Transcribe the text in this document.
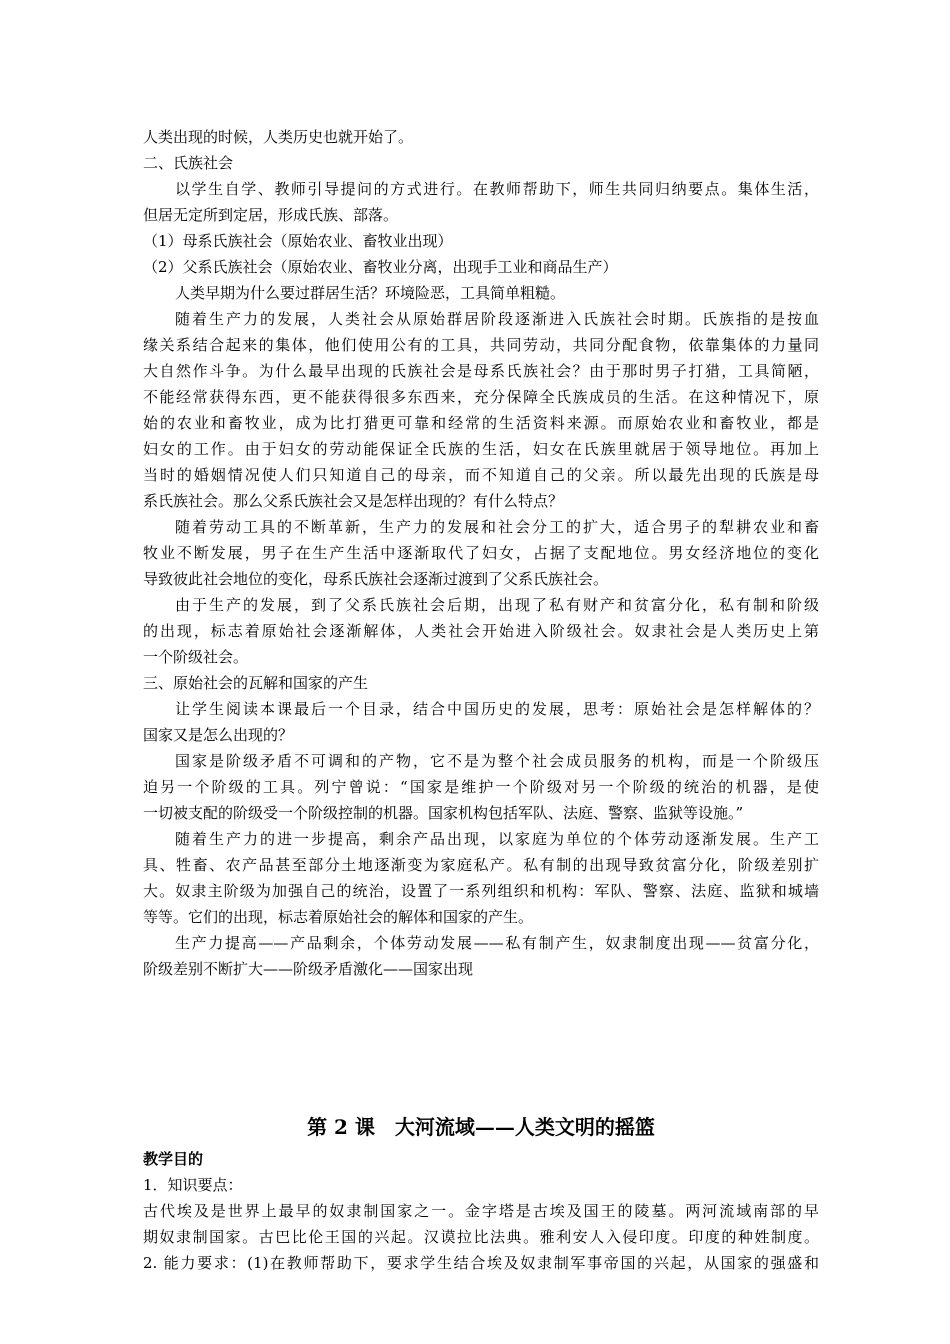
人类出现的时候，人类历史也就开始了。
二、氏族社会
以学生自学、教师引导提问的方式进行。在教师帮助下，师生共同归纳要点。集体生活，
但居无定所到定居，形成氏族、部落。
（1）母系氏族社会（原始农业、畜牧业出现）
（2）父系氏族社会（原始农业、畜牧业分离，出现手工业和商品生产）
人类早期为什么要过群居生活？环境险恶，工具简单粗糙。
随着生产力的发展，人类社会从原始群居阶段逐渐进入氏族社会时期。氏族指的是按血
缘关系结合起来的集体，他们使用公有的工具，共同劳动，共同分配食物，依靠集体的力量同
大自然作斗争。为什么最早出现的氏族社会是母系氏族社会？由于那时男子打猎，工具简陋，
不能经常获得东西，更不能获得很多东西来，充分保障全氏族成员的生活。在这种情况下，原
始的农业和畜牧业，成为比打猎更可靠和经常的生活资料来源。而原始农业和畜牧业，都是
妇女的工作。由于妇女的劳动能保证全氏族的生活，妇女在氏族里就居于领导地位。再加上
当时的婚姻情况使人们只知道自己的母亲，而不知道自己的父亲。所以最先出现的氏族是母
系氏族社会。那么父系氏族社会又是怎样出现的？有什么特点？
随着劳动工具的不断革新，生产力的发展和社会分工的扩大，适合男子的犁耕农业和畜
牧业不断发展，男子在生产生活中逐渐取代了妇女，占据了支配地位。男女经济地位的变化
导致彼此社会地位的变化，母系氏族社会逐渐过渡到了父系氏族社会。
由于生产的发展，到了父系氏族社会后期，出现了私有财产和贫富分化，私有制和阶级
的出现，标志着原始社会逐渐解体，人类社会开始进入阶级社会。奴隶社会是人类历史上第
一个阶级社会。
三、原始社会的瓦解和国家的产生
让学生阅读本课最后一个目录，结合中国历史的发展，思考：原始社会是怎样解体的？
国家又是怎么出现的？
国家是阶级矛盾不可调和的产物，它不是为整个社会成员服务的机构，而是一个阶级压
迫另一个阶级的工具。列宁曾说：“国家是维护一个阶级对另一个阶级的统治的机器，是使
一切被支配的阶级受一个阶级控制的机器。国家机构包括军队、法庭、警察、监狱等设施。”
随着生产力的进一步提高，剩余产品出现，以家庭为单位的个体劳动逐渐发展。生产工
具、牲畜、农产品甚至部分土地逐渐变为家庭私产。私有制的出现导致贫富分化，阶级差别扩
大。奴隶主阶级为加强自己的统治，设置了一系列组织和机构：军队、警察、法庭、监狱和城墙
等等。它们的出现，标志着原始社会的解体和国家的产生。
生产力提高——产品剩余，个体劳动发展——私有制产生，奴隶制度出现——贫富分化，
阶级差别不断扩大——阶级矛盾激化——国家出现
第 2 课　大河流域——人类文明的摇篮
教学目的
1．知识要点：
古代埃及是世界上最早的奴隶制国家之一。金字塔是古埃及国王的陵墓。两河流域南部的早
期奴隶制国家。古巴比伦王国的兴起。汉谟拉比法典。雅利安人入侵印度。印度的种姓制度。
2. 能力要求：(1)在教师帮助下，要求学生结合埃及奴隶制军事帝国的兴起，从国家的强盛和
